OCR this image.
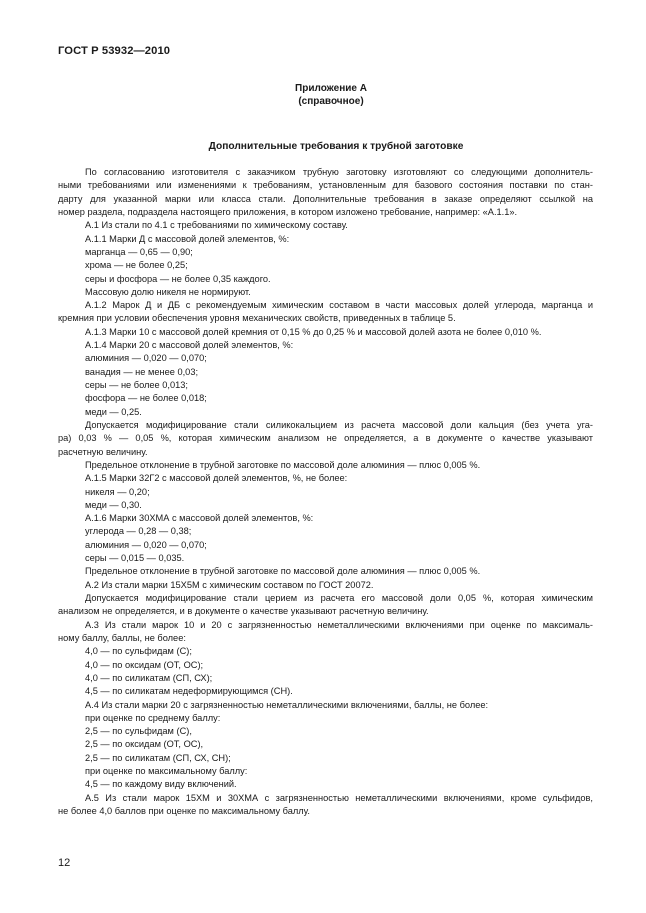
ГОСТ Р 53932—2010
Приложение А
(справочное)
Дополнительные требования к трубной заготовке
По согласованию изготовителя с заказчиком трубную заготовку изготовляют со следующими дополнитель-
ными требованиями или изменениями к требованиям, установленным для базового состояния поставки по стан-
дарту для указанной марки или класса стали. Дополнительные требования в заказе определяют ссылкой на
номер раздела, подраздела настоящего приложения, в котором изложено требование, например: «А.1.1».
А.1 Из стали по 4.1 с требованиями по химическому составу.
А.1.1 Марки Д с массовой долей элементов, %:
марганца — 0,65 — 0,90;
хрома — не более 0,25;
серы и фосфора — не более 0,35 каждого.
Массовую долю никеля не нормируют.
А.1.2 Марок Д и ДБ с рекомендуемым химическим составом в части массовых долей углерода, марганца и
кремния при условии обеспечения уровня механических свойств, приведенных в таблице 5.
А.1.3 Марки 10 с массовой долей кремния от 0,15 % до 0,25 % и массовой долей азота не более 0,010 %.
А.1.4 Марки 20 с массовой долей элементов, %:
алюминия — 0,020 — 0,070;
ванадия — не менее 0,03;
серы — не более 0,013;
фосфора — не более 0,018;
меди — 0,25.
Допускается модифицирование стали силикокальцием из расчета массовой доли кальция (без учета уга-
ра) 0,03 % — 0,05 %, которая химическим анализом не определяется, а в документе о качестве указывают
расчетную величину.
Предельное отклонение в трубной заготовке по массовой доле алюминия — плюс 0,005 %.
А.1.5 Марки 32Г2 с массовой долей элементов, %, не более:
никеля — 0,20;
меди — 0,30.
А.1.6 Марки 30ХМА с массовой долей элементов, %:
углерода — 0,28 — 0,38;
алюминия — 0,020 — 0,070;
серы — 0,015 — 0,035.
Предельное отклонение в трубной заготовке по массовой доле алюминия — плюс 0,005 %.
А.2 Из стали марки 15Х5М с химическим составом по ГОСТ 20072.
Допускается модифицирование стали церием из расчета его массовой доли 0,05 %, которая химическим
анализом не определяется, и в документе о качестве указывают расчетную величину.
А.3 Из стали марок 10 и 20 с загрязненностью неметаллическими включениями при оценке по максималь-
ному баллу, баллы, не более:
4,0 — по сульфидам (С);
4,0 — по оксидам (ОТ, ОС);
4,0 — по силикатам (СП, СХ);
4,5 — по силикатам недеформирующимся (СН).
А.4 Из стали марки 20 с загрязненностью неметаллическими включениями, баллы, не более:
при оценке по среднему баллу:
2,5 — по сульфидам (С),
2,5 — по оксидам (ОТ, ОС),
2,5 — по силикатам (СП, СХ, СН);
при оценке по максимальному баллу:
4,5 — по каждому виду включений.
А.5 Из стали марок 15ХМ и 30ХМА с загрязненностью неметаллическими включениями, кроме сульфидов,
не более 4,0 баллов при оценке по максимальному баллу.
12
